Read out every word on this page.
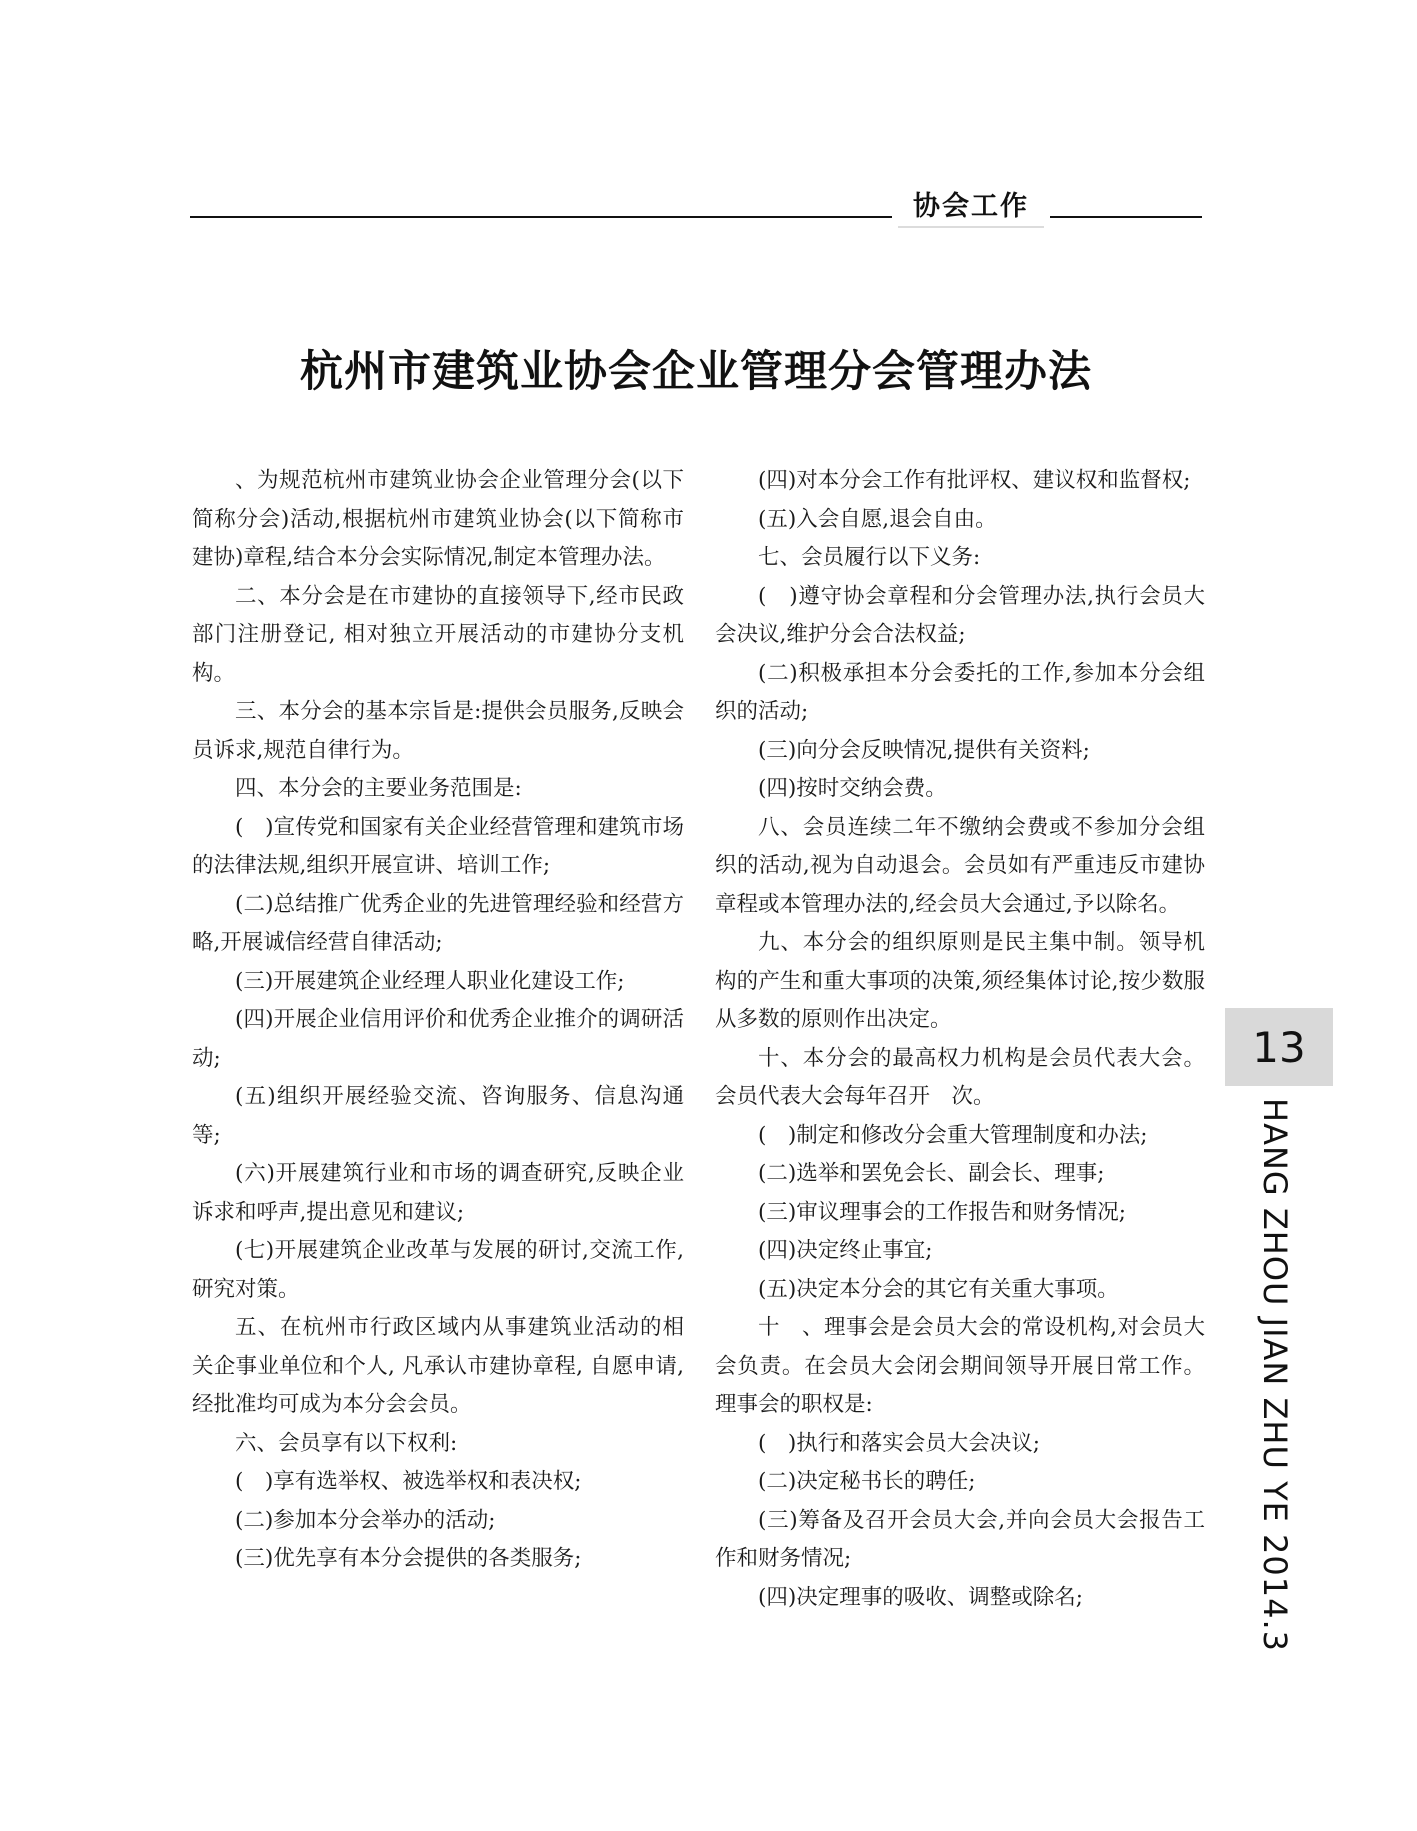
协会工作
杭州市建筑业协会企业管理分会管理办法

、为规范杭州市建筑业协会企业管理分会(以下简称分会)活动,根据杭州市建筑业协会(以下简称市建协)章程,结合本分会实际情况,制定本管理办法。

二、本分会是在市建协的直接领导下,经市民政部门注册登记, 相对独立开展活动的市建协分支机构。

三、本分会的基本宗旨是:提供会员服务,反映会员诉求,规范自律行为。

四、本分会的主要业务范围是:

(　)宣传党和国家有关企业经营管理和建筑市场的法律法规,组织开展宣讲、培训工作;

(二)总结推广优秀企业的先进管理经验和经营方略,开展诚信经营自律活动;

(三)开展建筑企业经理人职业化建设工作;

(四)开展企业信用评价和优秀企业推介的调研活动;

(五)组织开展经验交流、咨询服务、信息沟通等;

(六)开展建筑行业和市场的调查研究,反映企业诉求和呼声,提出意见和建议;

(七)开展建筑企业改革与发展的研讨,交流工作,研究对策。

五、在杭州市行政区域内从事建筑业活动的相关企事业单位和个人, 凡承认市建协章程, 自愿申请,经批准均可成为本分会会员。

六、会员享有以下权利:

(　)享有选举权、被选举权和表决权;

(二)参加本分会举办的活动;

(三)优先享有本分会提供的各类服务;

(四)对本分会工作有批评权、建议权和监督权;

(五)入会自愿,退会自由。

七、会员履行以下义务:

(　)遵守协会章程和分会管理办法,执行会员大会决议,维护分会合法权益;

(二)积极承担本分会委托的工作,参加本分会组织的活动;

(三)向分会反映情况,提供有关资料;

(四)按时交纳会费。

八、会员连续二年不缴纳会费或不参加分会组织的活动,视为自动退会。会员如有严重违反市建协章程或本管理办法的,经会员大会通过,予以除名。

九、本分会的组织原则是民主集中制。领导机构的产生和重大事项的决策,须经集体讨论,按少数服从多数的原则作出决定。

十、本分会的最高权力机构是会员代表大会。会员代表大会每年召开　次。

(　)制定和修改分会重大管理制度和办法;

(二)选举和罢免会长、副会长、理事;

(三)审议理事会的工作报告和财务情况;

(四)决定终止事宜;

(五)决定本分会的其它有关重大事项。

十　、理事会是会员大会的常设机构,对会员大会负责。在会员大会闭会期间领导开展日常工作。理事会的职权是:

(　)执行和落实会员大会决议;

(二)决定秘书长的聘任;

(三)筹备及召开会员大会,并向会员大会报告工作和财务情况;

(四)决定理事的吸收、调整或除名;

13
HANG ZHOU JIAN ZHU YE 2014.3
